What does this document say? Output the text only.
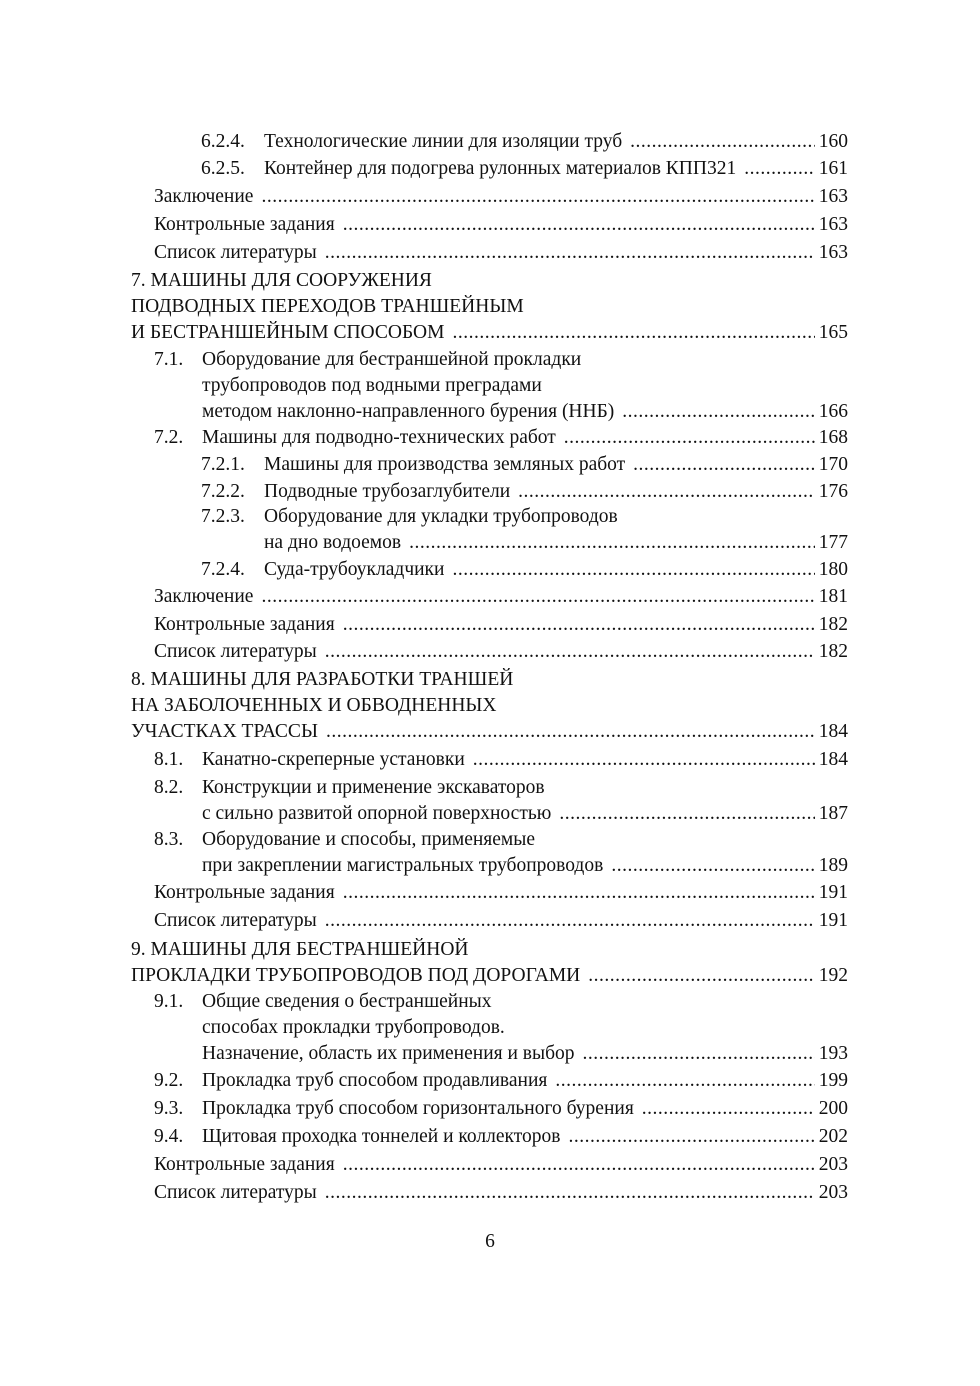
6.2.4. Технологические линии для изоляции труб .....	160
6.2.5. Контейнер для подогрева рулонных материалов КПП321 .....	161
Заключение .....	163
Контрольные задания .....	163
Список литературы .....	163
7. МАШИНЫ ДЛЯ СООРУЖЕНИЯ
ПОДВОДНЫХ ПЕРЕХОДОВ ТРАНШЕЙНЫМ
И БЕСТРАНШЕЙНЫМ СПОСОБОМ .....	165
7.1. Оборудование для бестраншейной прокладки
трубопроводов под водными преградами
методом наклонно-направленного бурения (ННБ) .....	166
7.2. Машины для подводно-технических работ .....	168
7.2.1. Машины для производства земляных работ .....	170
7.2.2. Подводные трубозаглубители .....	176
7.2.3. Оборудование для укладки трубопроводов
на дно водоемов .....	177
7.2.4. Суда-трубоукладчики .....	180
Заключение .....	181
Контрольные задания .....	182
Список литературы .....	182
8. МАШИНЫ ДЛЯ РАЗРАБОТКИ ТРАНШЕЙ
НА ЗАБОЛОЧЕННЫХ И ОБВОДНЕННЫХ
УЧАСТКАХ ТРАССЫ .....	184
8.1. Канатно-скреперные установки .....	184
8.2. Конструкции и применение экскаваторов
с сильно развитой опорной поверхностью .....	187
8.3. Оборудование и способы, применяемые
при закреплении магистральных трубопроводов .....	189
Контрольные задания .....	191
Список литературы .....	191
9. МАШИНЫ ДЛЯ БЕСТРАНШЕЙНОЙ
ПРОКЛАДКИ ТРУБОПРОВОДОВ ПОД ДОРОГАМИ .....	192
9.1. Общие сведения о бестраншейных
способах прокладки трубопроводов.
Назначение, область их применения и выбор .....	193
9.2. Прокладка труб способом продавливания .....	199
9.3. Прокладка труб способом горизонтального бурения .....	200
9.4. Щитовая проходка тоннелей и коллекторов .....	202
Контрольные задания .....	203
Список литературы .....	203
6
